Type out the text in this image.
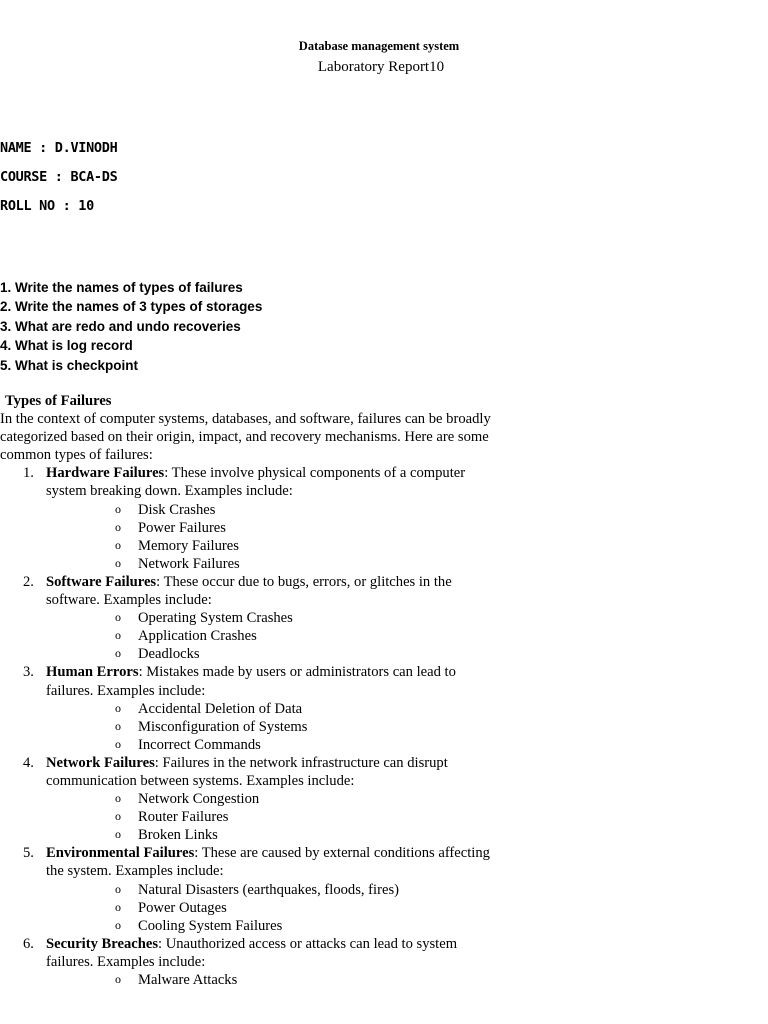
Database management system
Laboratory Report10
NAME : D.VINODH
COURSE : BCA-DS
ROLL NO : 10
1. Write the names of types of failures
2. Write the names of 3 types of storages
3. What are redo and undo recoveries
4. What is log record
5. What is checkpoint

Types of Failures

In the context of computer systems, databases, and software, failures can be broadly categorized based on their origin, impact, and recovery mechanisms. Here are some common types of failures:

1. Hardware Failures: These involve physical components of a computer system breaking down. Examples include:
o Disk Crashes
o Power Failures
o Memory Failures
o Network Failures
2. Software Failures: These occur due to bugs, errors, or glitches in the software. Examples include:
o Operating System Crashes
o Application Crashes
o Deadlocks
3. Human Errors: Mistakes made by users or administrators can lead to failures. Examples include:
o Accidental Deletion of Data
o Misconfiguration of Systems
o Incorrect Commands
4. Network Failures: Failures in the network infrastructure can disrupt communication between systems. Examples include:
o Network Congestion
o Router Failures
o Broken Links
5. Environmental Failures: These are caused by external conditions affecting the system. Examples include:
o Natural Disasters (earthquakes, floods, fires)
o Power Outages
o Cooling System Failures
6. Security Breaches: Unauthorized access or attacks can lead to system failures. Examples include:
o Malware Attacks
